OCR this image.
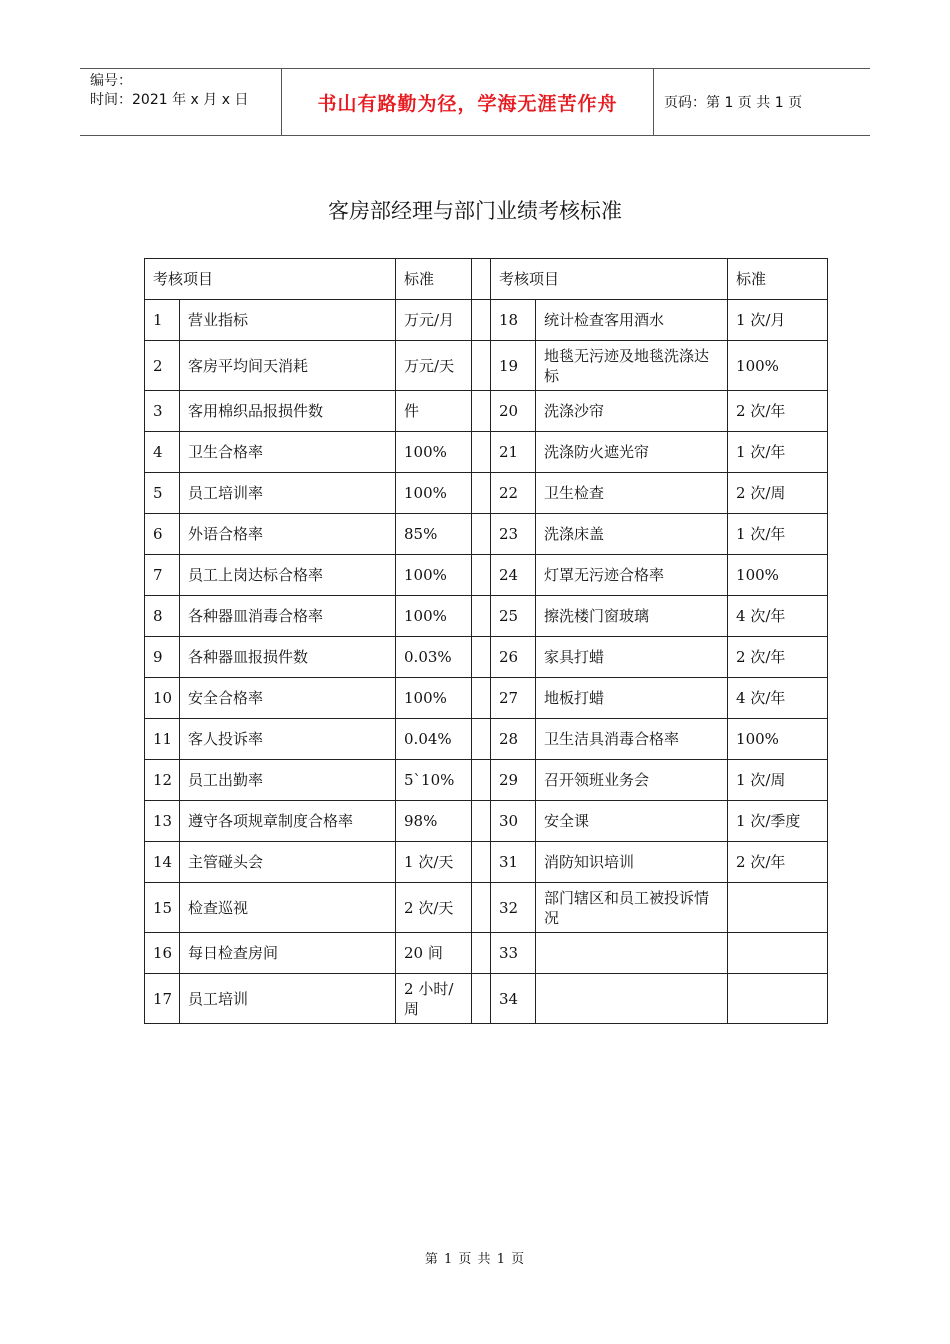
编号：
时间：2021 年 x 月 x 日	书山有路勤为径，学海无涯苦作舟	页码：第 1 页 共 1 页
客房部经理与部门业绩考核标准
考核项目		标准		考核项目		标准
1	营业指标	万元/月		18	统计检查客用酒水	1 次/月
2	客房平均间天消耗	万元/天		19	地毯无污迹及地毯洗涤达标	100%
3	客用棉织品报损件数	件		20	洗涤沙帘	2 次/年
4	卫生合格率	100%		21	洗涤防火遮光帘	1 次/年
5	员工培训率	100%		22	卫生检查	2 次/周
6	外语合格率	85%		23	洗涤床盖	1 次/年
7	员工上岗达标合格率	100%		24	灯罩无污迹合格率	100%
8	各种器皿消毒合格率	100%		25	擦洗楼门窗玻璃	4 次/年
9	各种器皿报损件数	0.03%		26	家具打蜡	2 次/年
10	安全合格率	100%		27	地板打蜡	4 次/年
11	客人投诉率	0.04%		28	卫生洁具消毒合格率	100%
12	员工出勤率	5`10%		29	召开领班业务会	1 次/周
13	遵守各项规章制度合格率	98%		30	安全课	1 次/季度
14	主管碰头会	1 次/天		31	消防知识培训	2 次/年
15	检查巡视	2 次/天		32	部门辖区和员工被投诉情况	
16	每日检查房间	20 间		33		
17	员工培训	2 小时/周		34		
第 1 页 共 1 页
